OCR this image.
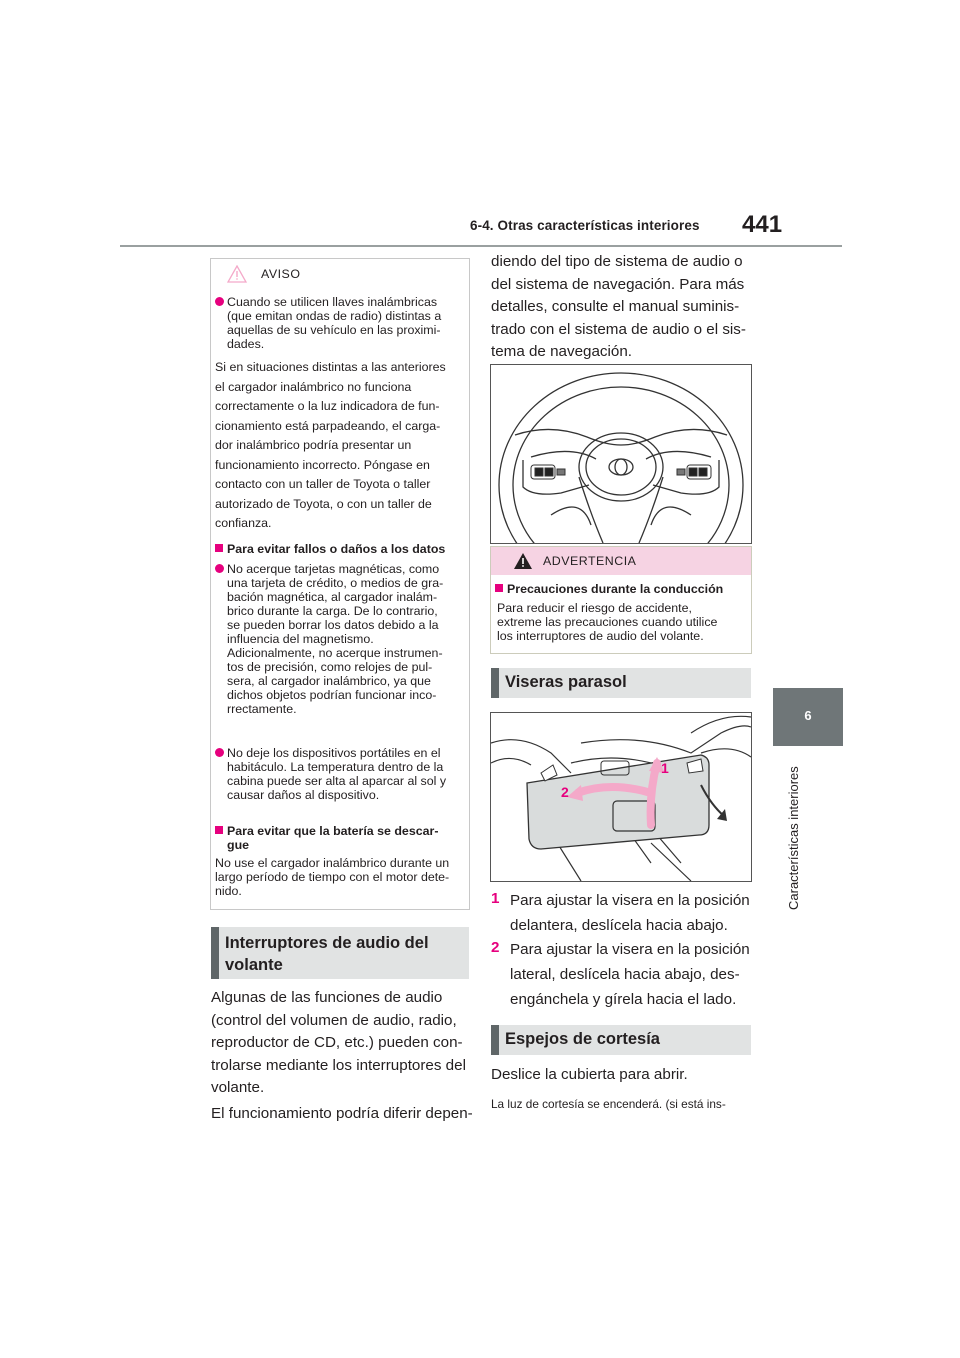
6-4. Otras características interiores 441
6
Características interiores
AVISO
Cuando se utilicen llaves inalámbricas
(que emitan ondas de radio) distintas a
aquellas de su vehículo en las proximi-
dades.
Si en situaciones distintas a las anteriores
el cargador inalámbrico no funciona
correctamente o la luz indicadora de fun-
cionamiento está parpadeando, el carga-
dor inalámbrico podría presentar un
funcionamiento incorrecto. Póngase en
contacto con un taller de Toyota o taller
autorizado de Toyota, o con un taller de
confianza.
Para evitar fallos o daños a los datos
No acerque tarjetas magnéticas, como
una tarjeta de crédito, o medios de gra-
bación magnética, al cargador inalám-
brico durante la carga. De lo contrario,
se pueden borrar los datos debido a la
influencia del magnetismo.
Adicionalmente, no acerque instrumen-
tos de precisión, como relojes de pul-
sera, al cargador inalámbrico, ya que
dichos objetos podrían funcionar inco-
rrectamente.
No deje los dispositivos portátiles en el
habitáculo. La temperatura dentro de la
cabina puede ser alta al aparcar al sol y
causar daños al dispositivo.
Para evitar que la batería se descar-
gue
No use el cargador inalámbrico durante un
largo período de tiempo con el motor dete-
nido.
Interruptores de audio del
volante
Algunas de las funciones de audio
(control del volumen de audio, radio,
reproductor de CD, etc.) pueden con-
trolarse mediante los interruptores del
volante.
El funcionamiento podría diferir depen-
diendo del tipo de sistema de audio o
del sistema de navegación. Para más
detalles, consulte el manual suminis-
trado con el sistema de audio o el sis-
tema de navegación.
ADVERTENCIA
Precauciones durante la conducción
Para reducir el riesgo de accidente,
extreme las precauciones cuando utilice
los interruptores de audio del volante.
Viseras parasol
1
2
1 Para ajustar la visera en la posición
delantera, deslícela hacia abajo.
2 Para ajustar la visera en la posición
lateral, deslícela hacia abajo, des-
engánchela y gírela hacia el lado.
Espejos de cortesía
Deslice la cubierta para abrir.
La luz de cortesía se encenderá. (si está ins-
